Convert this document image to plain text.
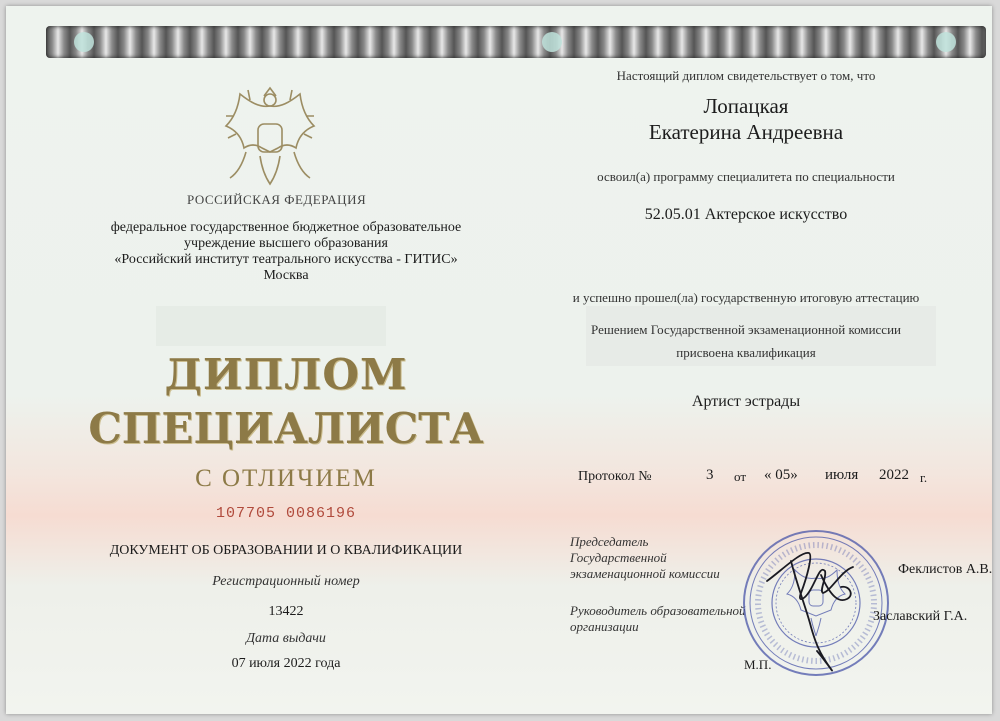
РОССИЙСКАЯ ФЕДЕРАЦИЯ
федеральное государственное бюджетное образовательное
учреждение высшего образования
«Российский институт театрального искусства - ГИТИС»
Москва
ДИПЛОМ
СПЕЦИАЛИСТА
С ОТЛИЧИЕМ
107705 0086196
ДОКУМЕНТ ОБ ОБРАЗОВАНИИ И О КВАЛИФИКАЦИИ
Регистрационный номер
13422
Дата выдачи
07 июля 2022 года
Настоящий диплом свидетельствует о том, что
Лопацкая
Екатерина Андреевна
освоил(а) программу специалитета по специальности
52.05.01 Актерское искусство
и успешно прошел(ла) государственную итоговую аттестацию
Решением Государственной экзаменационной комиссии
присвоена квалификация
Артист эстрады
Протокол №	3 от « 05» июля 2022 г.
Председатель
Государственной
экзаменационной комиссии
Руководитель образовательной
организации
Феклистов А.В.
Заславский Г.А.
М.П.
